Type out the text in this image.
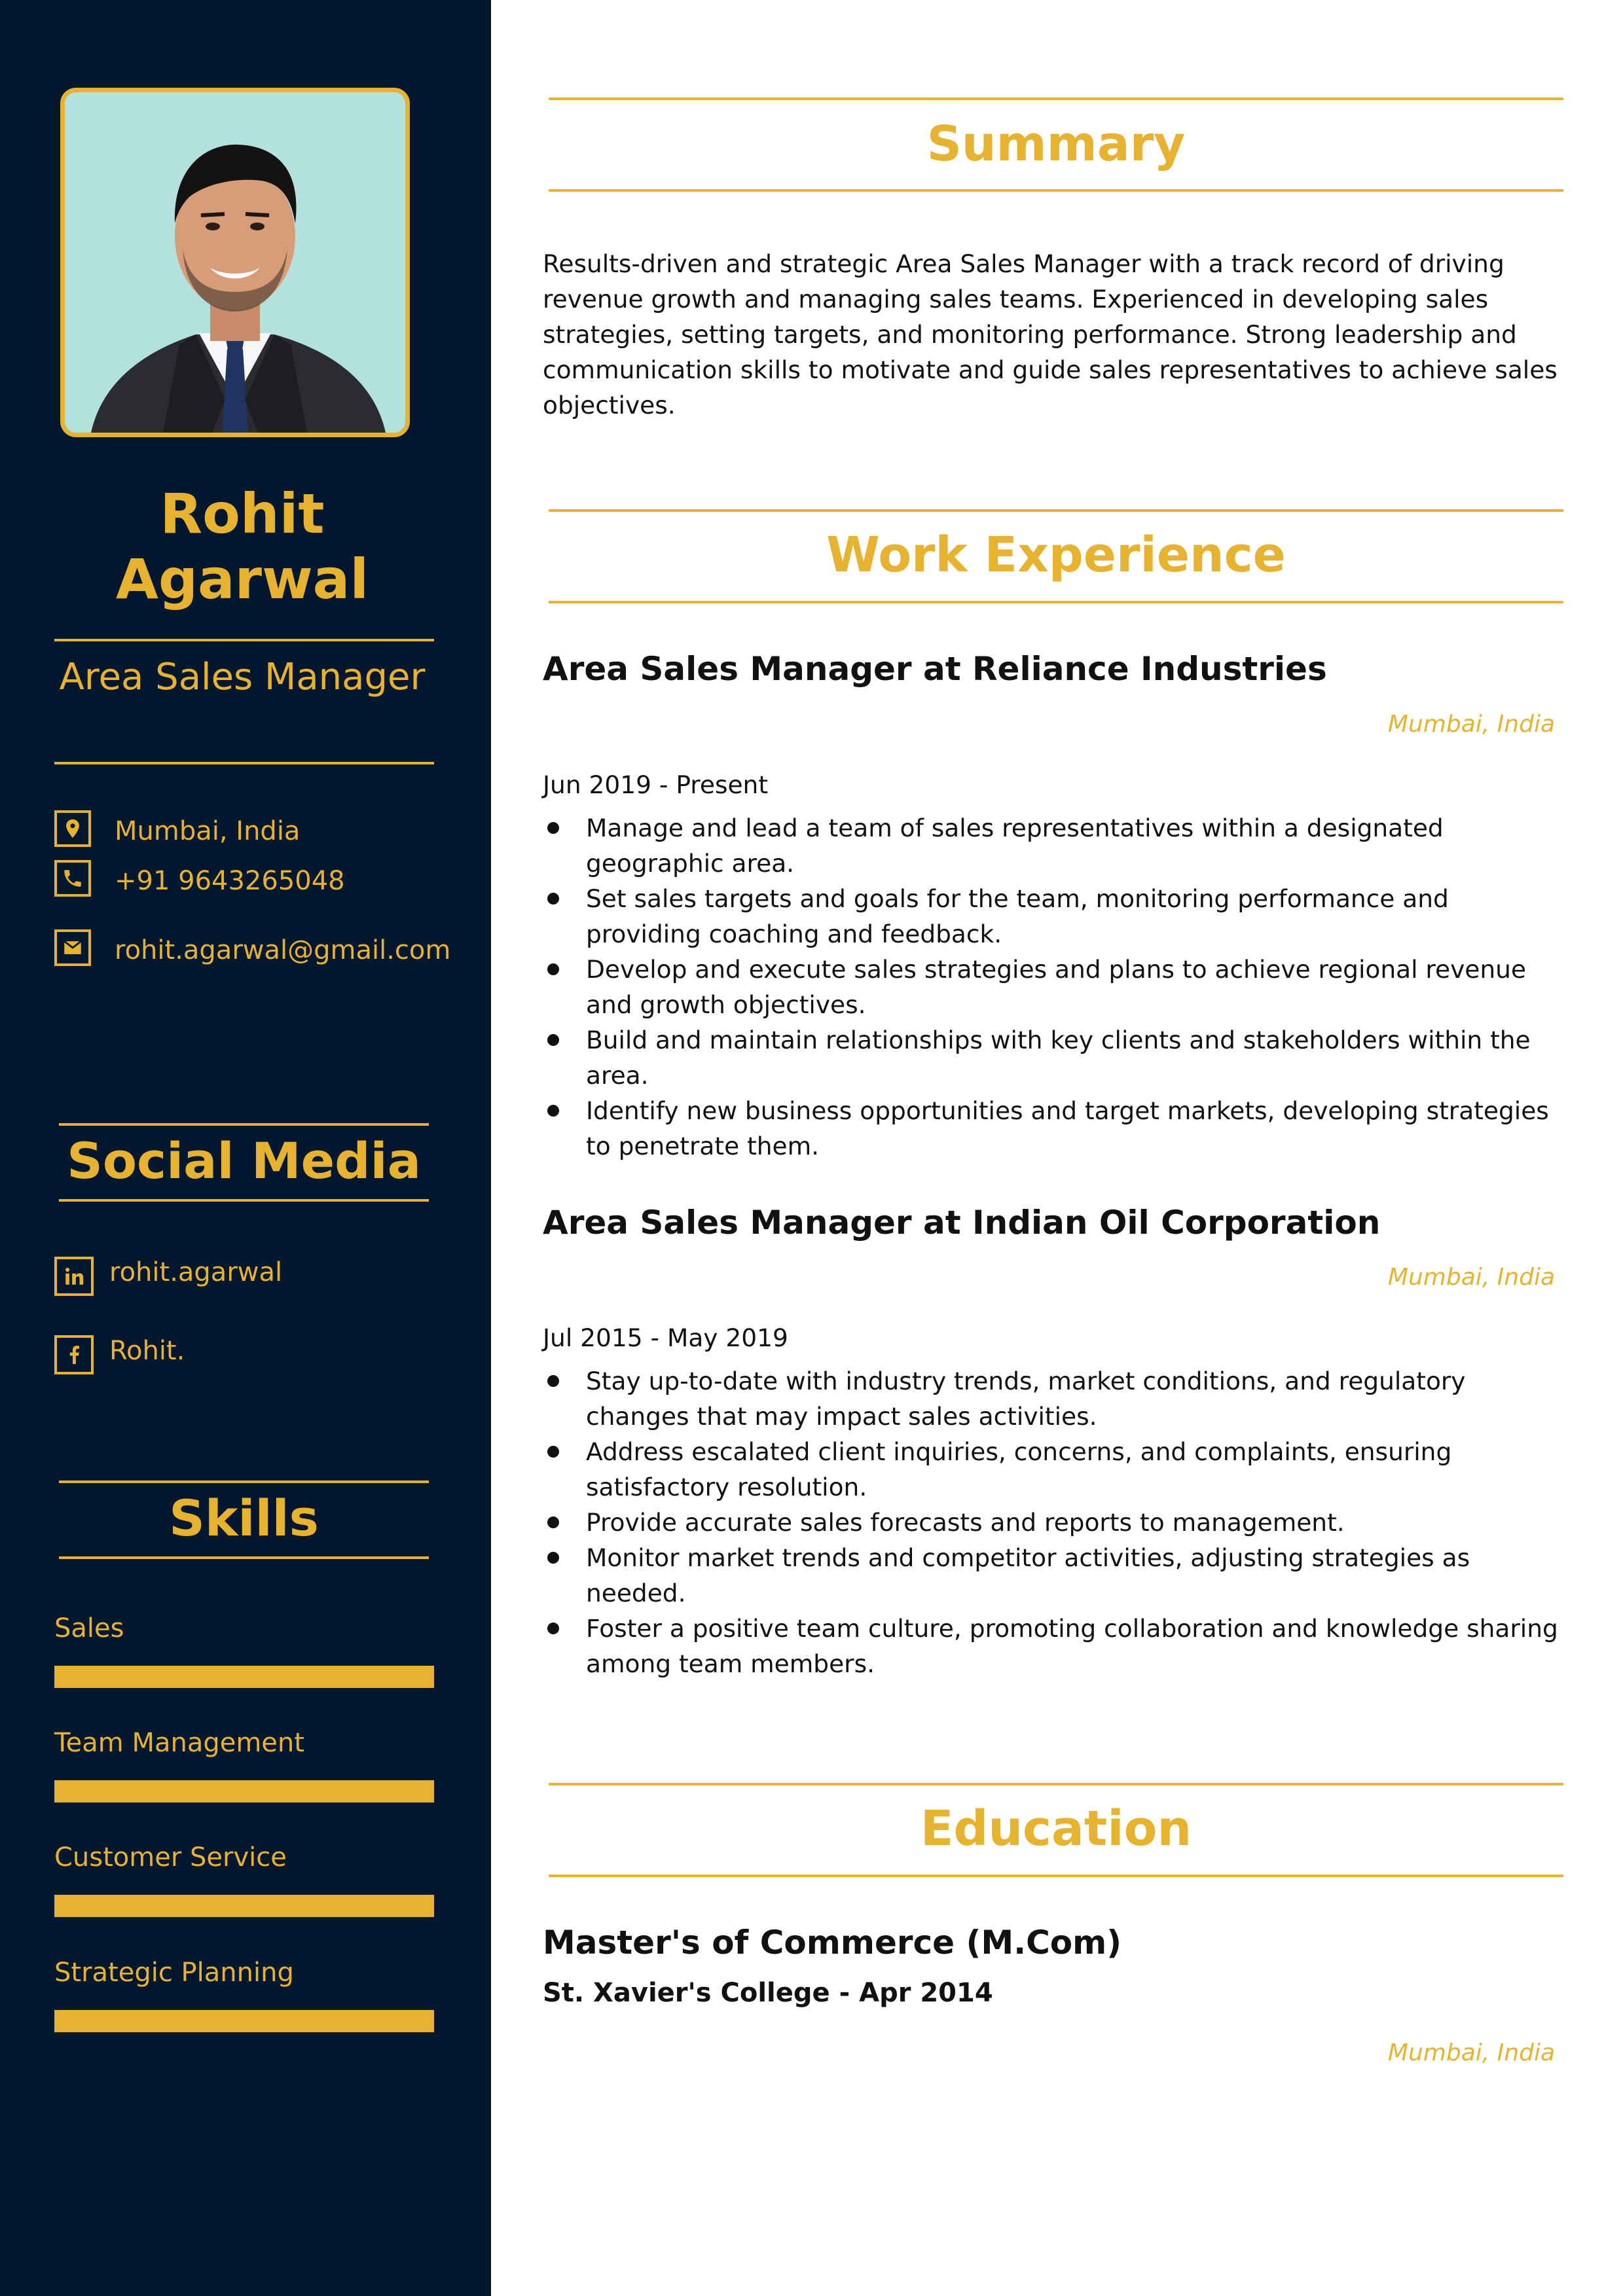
Rohit Agarwal
Area Sales Manager
Mumbai, India
+91 9643265048
rohit.agarwal@gmail.com
Social Media
rohit.agarwal
Rohit.
Skills
Sales
Team Management
Customer Service
Strategic Planning
Summary
Results-driven and strategic Area Sales Manager with a track record of driving revenue growth and managing sales teams. Experienced in developing sales strategies, setting targets, and monitoring performance. Strong leadership and communication skills to motivate and guide sales representatives to achieve sales objectives.
Work Experience
Area Sales Manager at Reliance Industries
Mumbai, India
Jun 2019 - Present
Manage and lead a team of sales representatives within a designated geographic area.
Set sales targets and goals for the team, monitoring performance and providing coaching and feedback.
Develop and execute sales strategies and plans to achieve regional revenue and growth objectives.
Build and maintain relationships with key clients and stakeholders within the area.
Identify new business opportunities and target markets, developing strategies to penetrate them.
Area Sales Manager at Indian Oil Corporation
Mumbai, India
Jul 2015 - May 2019
Stay up-to-date with industry trends, market conditions, and regulatory changes that may impact sales activities.
Address escalated client inquiries, concerns, and complaints, ensuring satisfactory resolution.
Provide accurate sales forecasts and reports to management.
Monitor market trends and competitor activities, adjusting strategies as needed.
Foster a positive team culture, promoting collaboration and knowledge sharing among team members.
Education
Master's of Commerce (M.Com)
St. Xavier's College - Apr 2014
Mumbai, India
